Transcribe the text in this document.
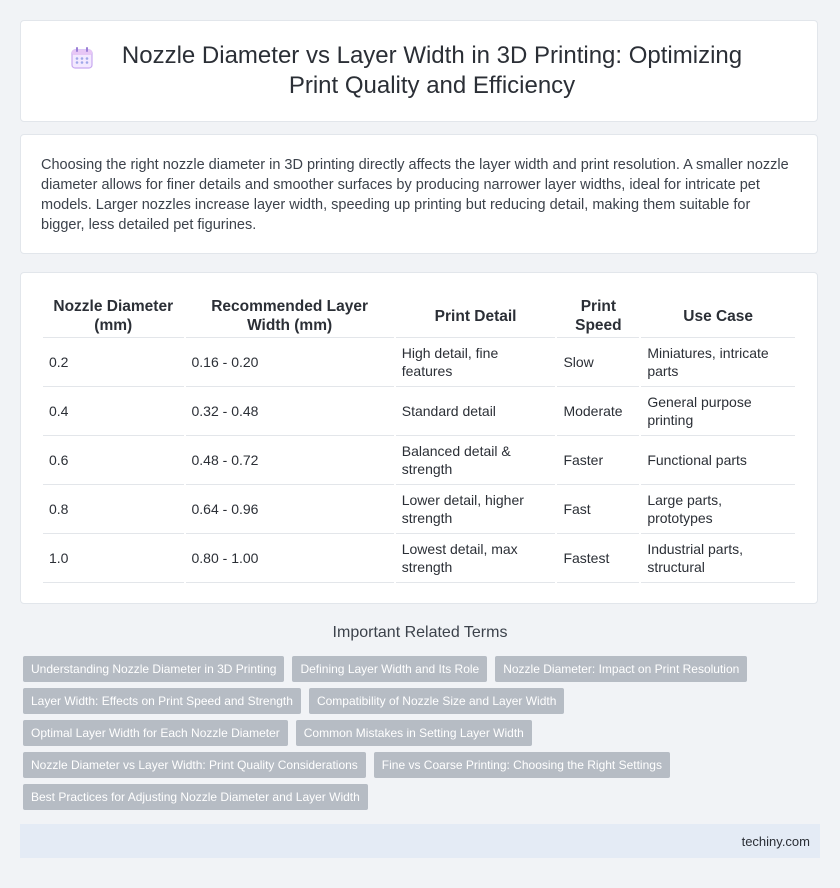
Nozzle Diameter vs Layer Width in 3D Printing: Optimizing Print Quality and Efficiency

Choosing the right nozzle diameter in 3D printing directly affects the layer width and print resolution. A smaller nozzle diameter allows for finer details and smoother surfaces by producing narrower layer widths, ideal for intricate pet models. Larger nozzles increase layer width, speeding up printing but reducing detail, making them suitable for bigger, less detailed pet figurines.

Nozzle Diameter (mm)	Recommended Layer Width (mm)	Print Detail	Print Speed	Use Case
0.2	0.16 - 0.20	High detail, fine features	Slow	Miniatures, intricate parts
0.4	0.32 - 0.48	Standard detail	Moderate	General purpose printing
0.6	0.48 - 0.72	Balanced detail & strength	Faster	Functional parts
0.8	0.64 - 0.96	Lower detail, higher strength	Fast	Large parts, prototypes
1.0	0.80 - 1.00	Lowest detail, max strength	Fastest	Industrial parts, structural
Important Related Terms
Understanding Nozzle Diameter in 3D Printing	Defining Layer Width and Its Role	Nozzle Diameter: Impact on Print Resolution
Layer Width: Effects on Print Speed and Strength	Compatibility of Nozzle Size and Layer Width
Optimal Layer Width for Each Nozzle Diameter	Common Mistakes in Setting Layer Width
Nozzle Diameter vs Layer Width: Print Quality Considerations	Fine vs Coarse Printing: Choosing the Right Settings
Best Practices for Adjusting Nozzle Diameter and Layer Width
techiny.com
